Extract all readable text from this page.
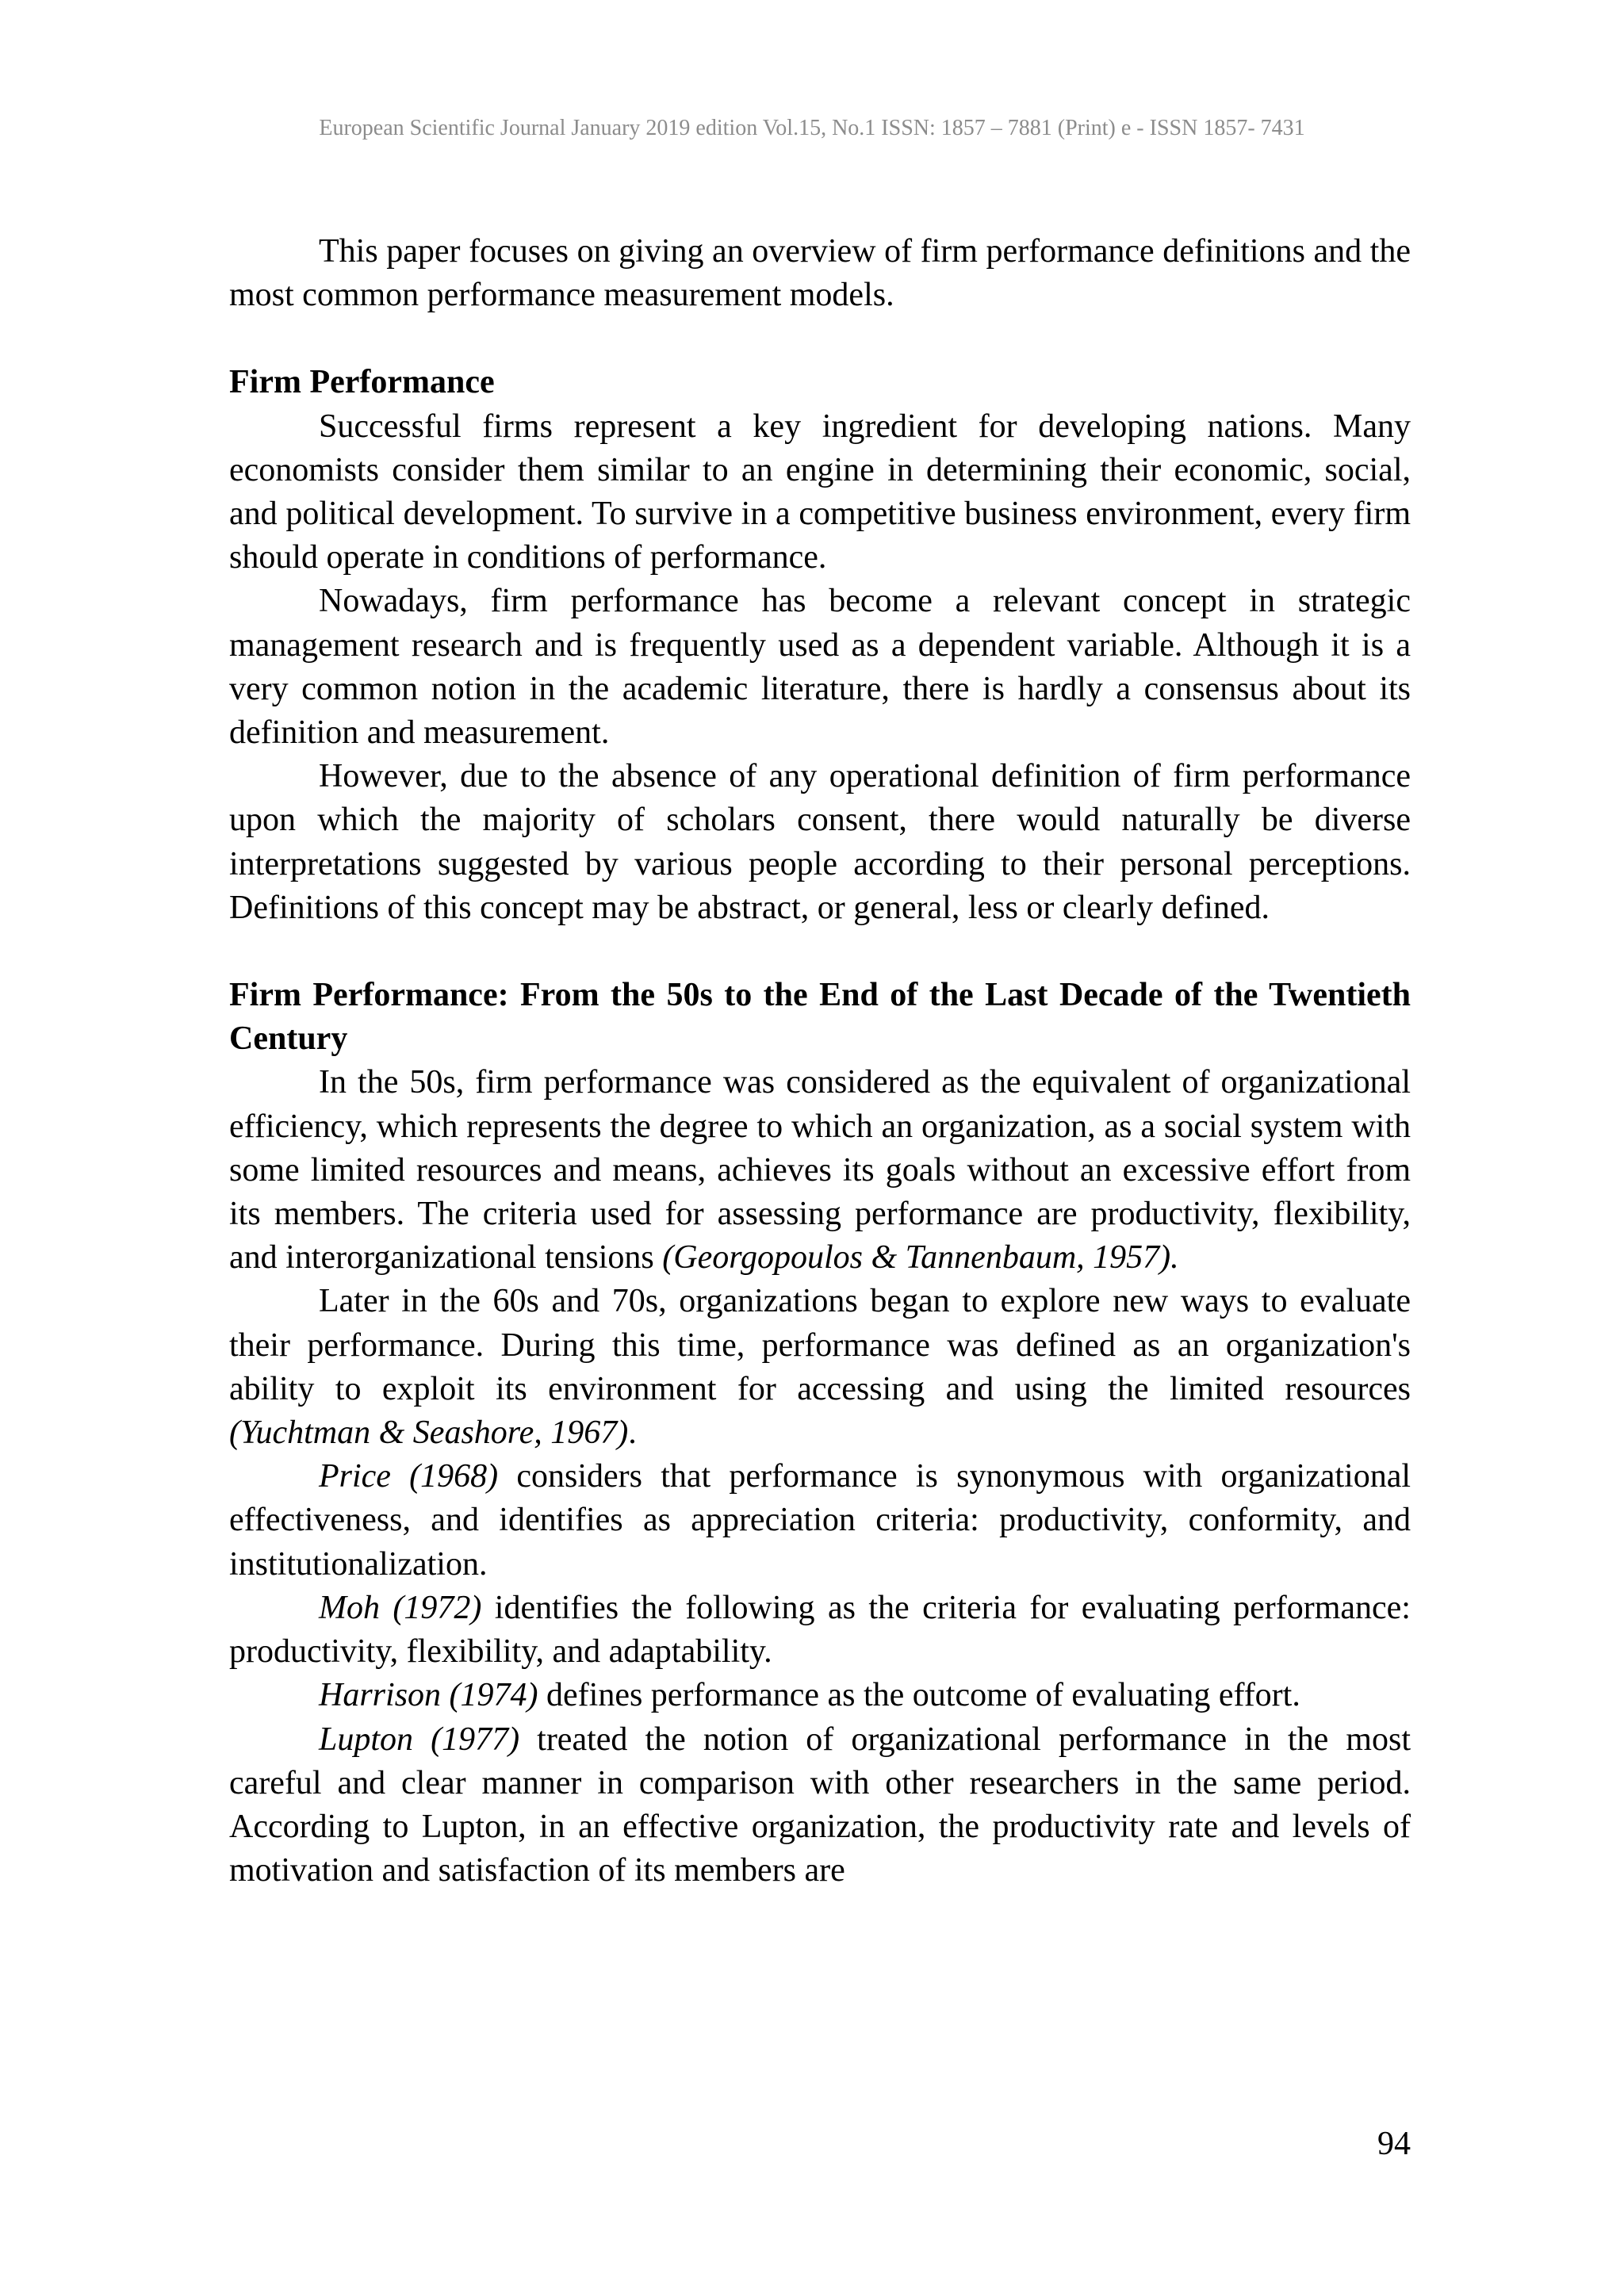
European Scientific Journal January 2019 edition Vol.15, No.1 ISSN: 1857 – 7881 (Print) e - ISSN 1857- 7431

This paper focuses on giving an overview of firm performance definitions and the most common performance measurement models.

Firm Performance

Successful firms represent a key ingredient for developing nations. Many economists consider them similar to an engine in determining their economic, social, and political development. To survive in a competitive business environment, every firm should operate in conditions of performance.

Nowadays, firm performance has become a relevant concept in strategic management research and is frequently used as a dependent variable. Although it is a very common notion in the academic literature, there is hardly a consensus about its definition and measurement.

However, due to the absence of any operational definition of firm performance upon which the majority of scholars consent, there would naturally be diverse interpretations suggested by various people according to their personal perceptions. Definitions of this concept may be abstract, or general, less or clearly defined.

Firm Performance: From the 50s to the End of the Last Decade of the Twentieth Century

In the 50s, firm performance was considered as the equivalent of organizational efficiency, which represents the degree to which an organization, as a social system with some limited resources and means, achieves its goals without an excessive effort from its members. The criteria used for assessing performance are productivity, flexibility, and interorganizational tensions (Georgopoulos & Tannenbaum, 1957).

Later in the 60s and 70s, organizations began to explore new ways to evaluate their performance. During this time, performance was defined as an organization's ability to exploit its environment for accessing and using the limited resources (Yuchtman & Seashore, 1967).

Price (1968) considers that performance is synonymous with organizational effectiveness, and identifies as appreciation criteria: productivity, conformity, and institutionalization.

Moh (1972) identifies the following as the criteria for evaluating performance: productivity, flexibility, and adaptability.

Harrison (1974) defines performance as the outcome of evaluating effort.

Lupton (1977) treated the notion of organizational performance in the most careful and clear manner in comparison with other researchers in the same period. According to Lupton, in an effective organization, the productivity rate and levels of motivation and satisfaction of its members are

94
